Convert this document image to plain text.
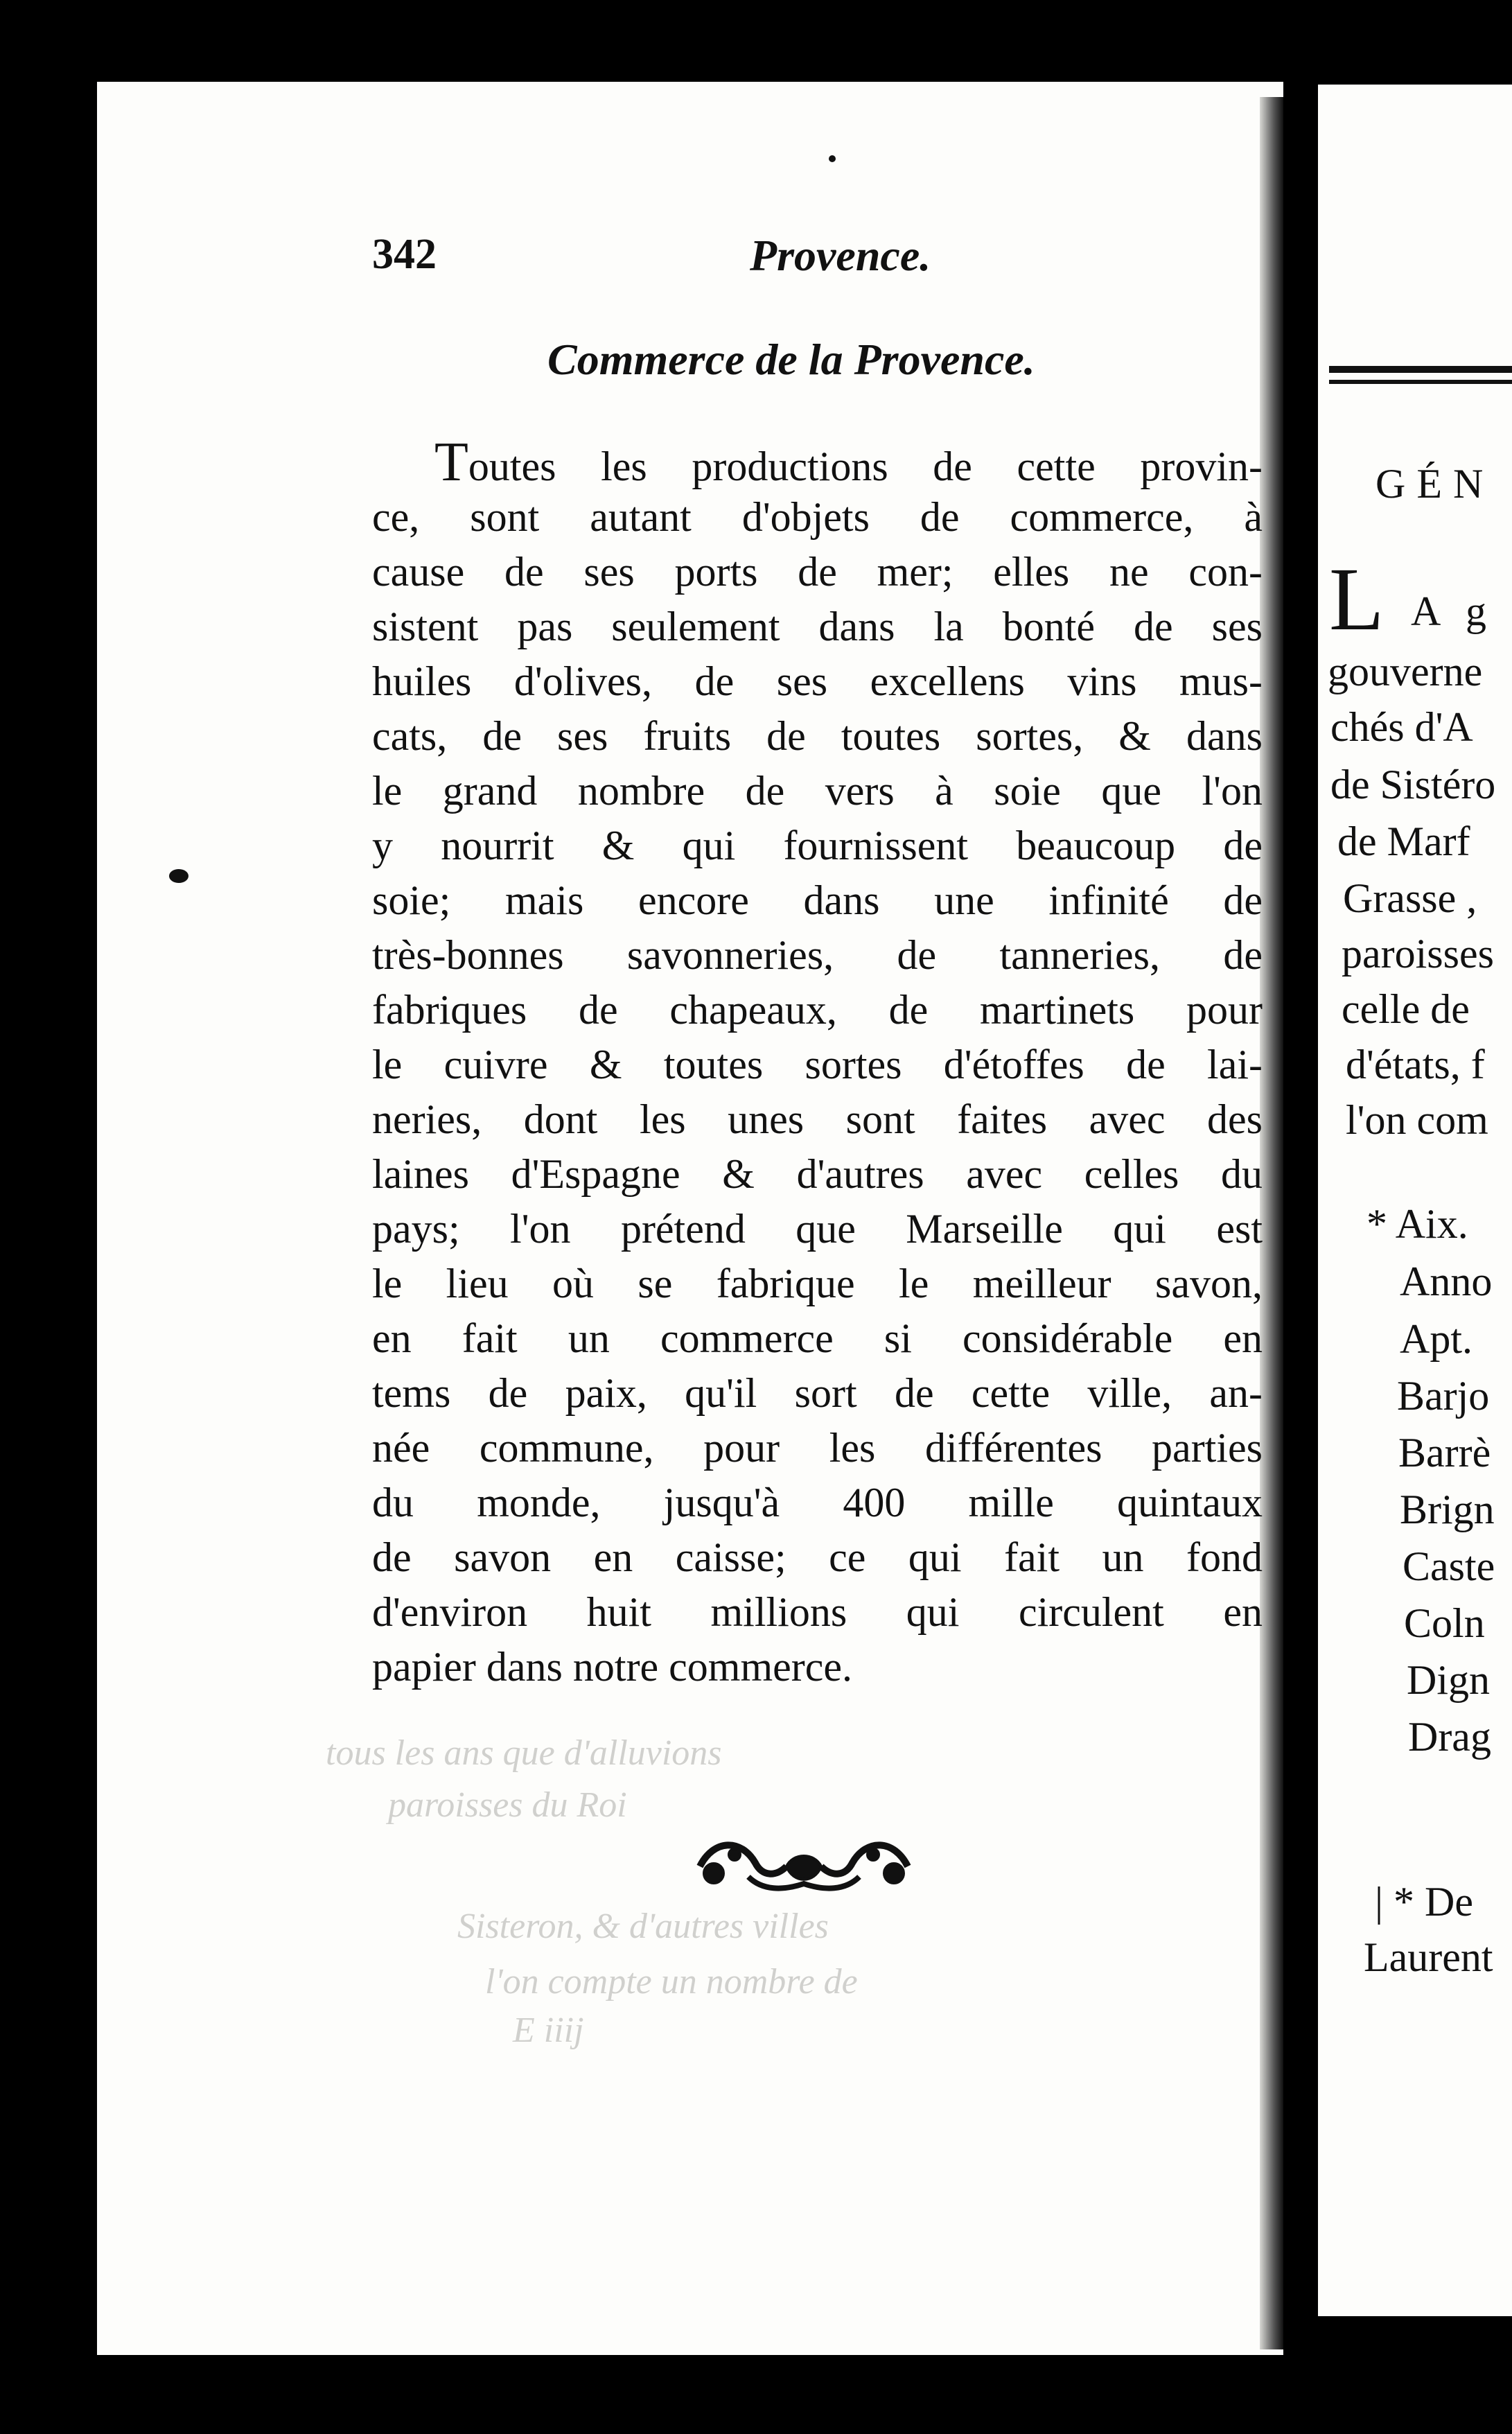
tous les ans que d'alluvions
paroisses du Roi
Sisteron, & d'autres villes
l'on compte un nombre de
E iiij
342	Provence.
Commerce de la Provence.
Toutes les productions de cette provin-
ce, sont autant d'objets de commerce, à
cause de ses ports de mer; elles ne con-
sistent pas seulement dans la bonté de ses
huiles d'olives, de ses excellens vins mus-
cats, de ses fruits de toutes sortes, & dans
le grand nombre de vers à soie que l'on
y nourrit & qui fournissent beaucoup de
soie; mais encore dans une infinité de
très-bonnes savonneries, de tanneries, de
fabriques de chapeaux, de martinets pour
le cuivre & toutes sortes d'étoffes de lai-
neries, dont les unes sont faites avec des
laines d'Espagne & d'autres avec celles du
pays; l'on prétend que Marseille qui est
le lieu où se fabrique le meilleur savon,
en fait un commerce si considérable en
tems de paix, qu'il sort de cette ville, an-
née commune, pour les différentes parties
du monde, jusqu'à 400 mille quintaux
de savon en caisse; ce qui fait un fond
d'environ huit millions qui circulent en
papier dans notre commerce.
GÉN
L A g
gouverne
chés d'A
de Sistéro
de Marf
Grasse ,
paroisses
celle de
d'états, f
l'on com
* Aix.
Anno
Apt.
Barjo
Barrè
Brign
Caste
Coln
Dign
Drag
| * De
Laurent
